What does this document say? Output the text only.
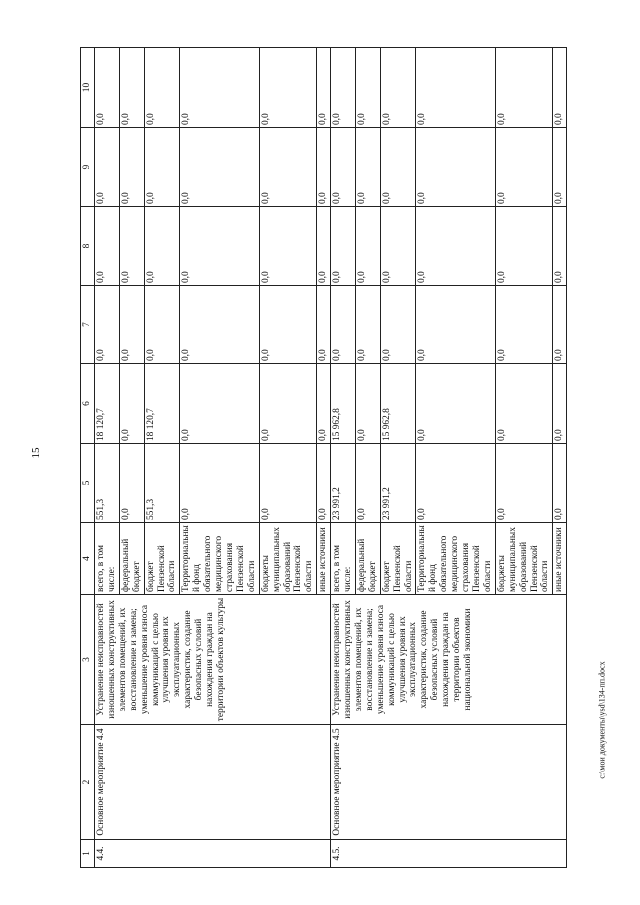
15
1	2	3	4	5	6	7	8	9	10
4.4.	Основное мероприятие 4.4	Устранение неисправностей изношенных конструктивных элементов помещений, их восстановление и замена; уменьшение уровня износа коммуникаций с целью улучшения уровня их эксплуатационных характеристик, создание безопасных условий нахождения граждан на территории объектов культуры	всего, в том числе:	551,3	18 120,7	0,0	0,0	0,0	0,0
			федеральный бюджет	0,0	0,0	0,0	0,0	0,0	0,0
			бюджет Пензенской области	551,3	18 120,7	0,0	0,0	0,0	0,0
			Территориальный фонд обязательного медицинского страхования Пензенской области	0,0	0,0	0,0	0,0	0,0	0,0
			бюджеты муниципальных образований Пензенской области	0,0	0,0	0,0	0,0	0,0	0,0
			иные источники	0,0	0,0	0,0	0,0	0,0	0,0
4.5.	Основное мероприятие 4.5	Устранение неисправностей изношенных конструктивных элементов помещений, их восстановление и замена; уменьшение уровня износа коммуникаций с целью улучшения уровня их эксплуатационных характеристик, создание безопасных условий нахождения граждан на территории объектов национальной экономики	всего, в том числе:	23 991,2	15 962,8	0,0	0,0	0,0	0,0
			федеральный бюджет	0,0	0,0	0,0	0,0	0,0	0,0
			бюджет Пензенской области	23 991,2	15 962,8	0,0	0,0	0,0	0,0
			Территориальный фонд обязательного медицинского страхования Пензенской области	0,0	0,0	0,0	0,0	0,0	0,0
			бюджеты муниципальных образований Пензенской области	0,0	0,0	0,0	0,0	0,0	0,0
			иные источники	0,0	0,0	0,0	0,0	0,0	0,0
c:\мои документы\ysd\134-пп.docx
